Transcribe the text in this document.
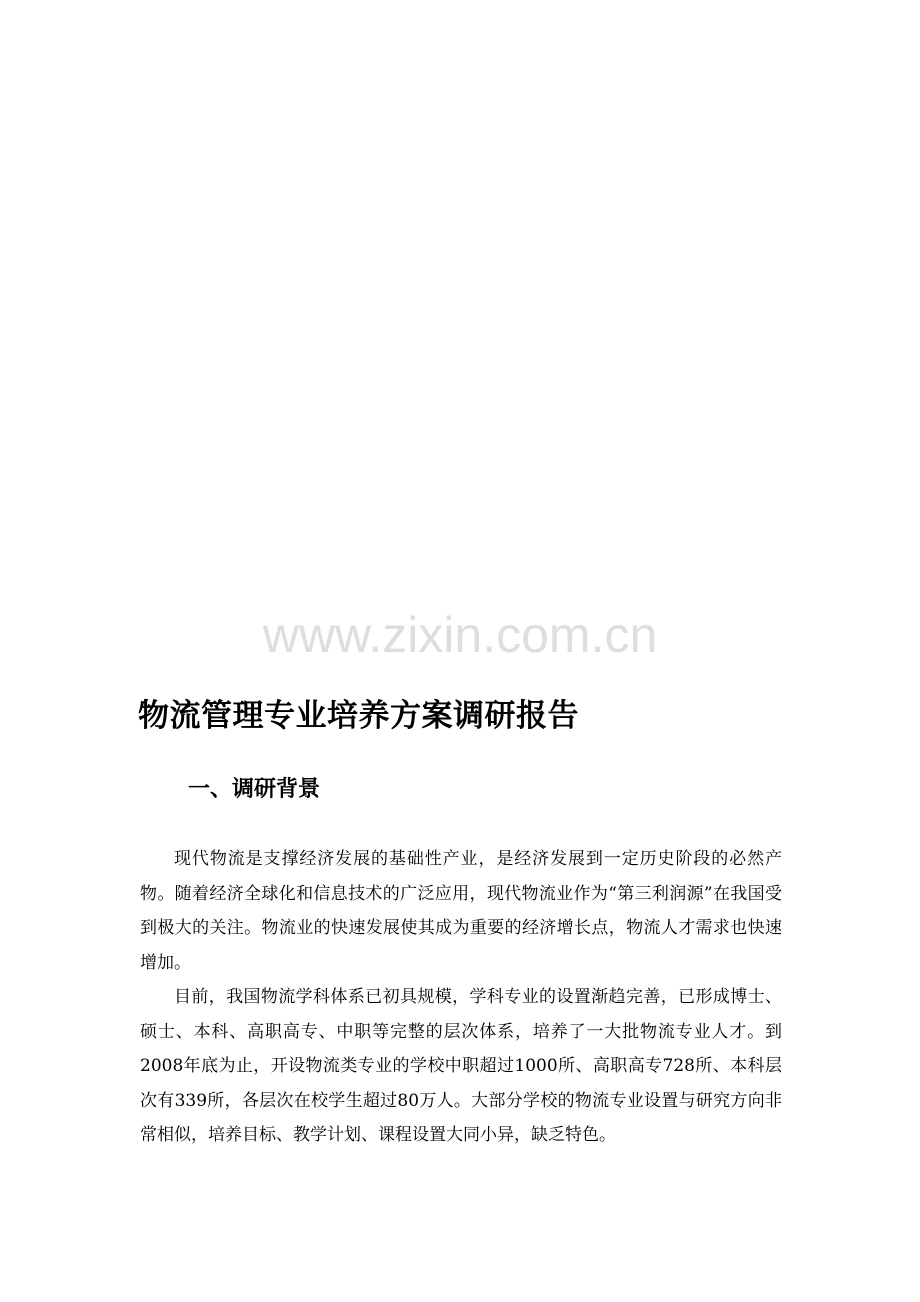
www.zixin.com.cn
物流管理专业培养方案调研报告
一、调研背景

现代物流是支撑经济发展的基础性产业，是经济发展到一定历史阶段的必然产物。随着经济全球化和信息技术的广泛应用，现代物流业作为“第三利润源”在我国受到极大的关注。物流业的快速发展使其成为重要的经济增长点，物流人才需求也快速增加。

目前，我国物流学科体系已初具规模，学科专业的设置渐趋完善，已形成博士、硕士、本科、高职高专、中职等完整的层次体系，培养了一大批物流专业人才。到2008年底为止，开设物流类专业的学校中职超过1000所、高职高专728所、本科层次有339所，各层次在校学生超过80万人。大部分学校的物流专业设置与研究方向非常相似，培养目标、教学计划、课程设置大同小异，缺乏特色。
